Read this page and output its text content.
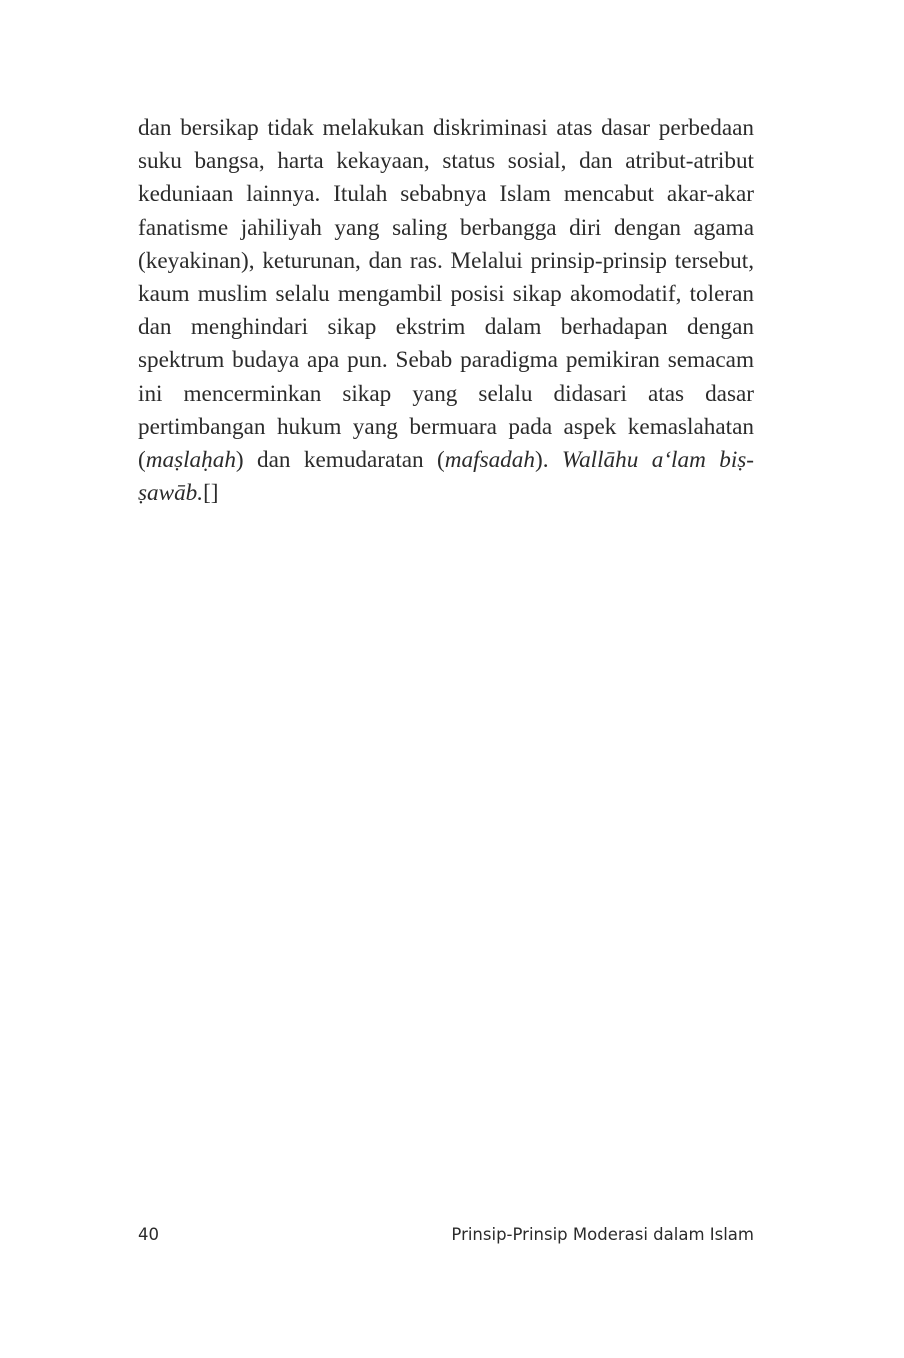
dan bersikap tidak melakukan diskriminasi atas dasar perbedaan suku bangsa, harta kekayaan, status sosial, dan atribut-atribut keduniaan lainnya. Itulah sebabnya Islam mencabut akar-akar fanatisme jahiliyah yang saling berbangga diri dengan agama (keyakinan), keturunan, dan ras. Melalui prinsip-prinsip tersebut, kaum muslim selalu mengambil posisi sikap akomodatif, toleran dan menghindari sikap ekstrim dalam berhadapan dengan spektrum budaya apa pun. Sebab paradigma pemikiran semacam ini mencerminkan sikap yang selalu didasari atas dasar pertimbangan hukum yang bermuara pada aspek kemaslahatan (maṣlaḥah) dan kemudaratan (mafsadah). Wallāhu a‘lam biṣ-ṣawāb.[]

40	Prinsip-Prinsip Moderasi dalam Islam
